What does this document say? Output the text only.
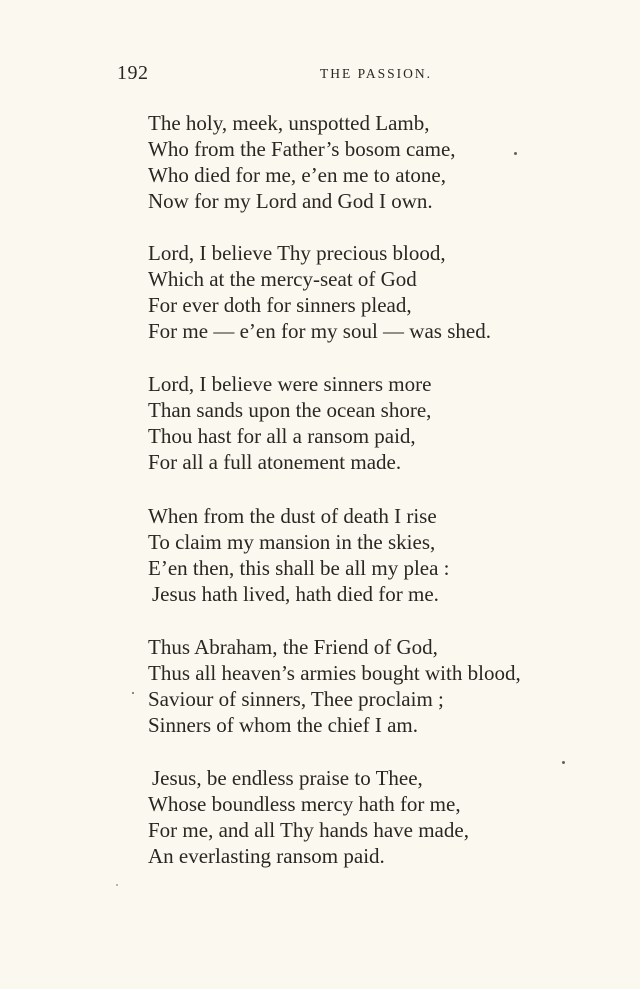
192	THE PASSION.
The holy, meek, unspotted Lamb,
Who from the Father’s bosom came,
Who died for me, e’en me to atone,
Now for my Lord and God I own.
Lord, I believe Thy precious blood,
Which at the mercy-seat of God
For ever doth for sinners plead,
For me — e’en for my soul — was shed.
Lord, I believe were sinners more
Than sands upon the ocean shore,
Thou hast for all a ransom paid,
For all a full atonement made.
When from the dust of death I rise
To claim my mansion in the skies,
E’en then, this shall be all my plea :
Jesus hath lived, hath died for me.
Thus Abraham, the Friend of God,
Thus all heaven’s armies bought with blood,
Saviour of sinners, Thee proclaim ;
Sinners of whom the chief I am.
Jesus, be endless praise to Thee,
Whose boundless mercy hath for me,
For me, and all Thy hands have made,
An everlasting ransom paid.
